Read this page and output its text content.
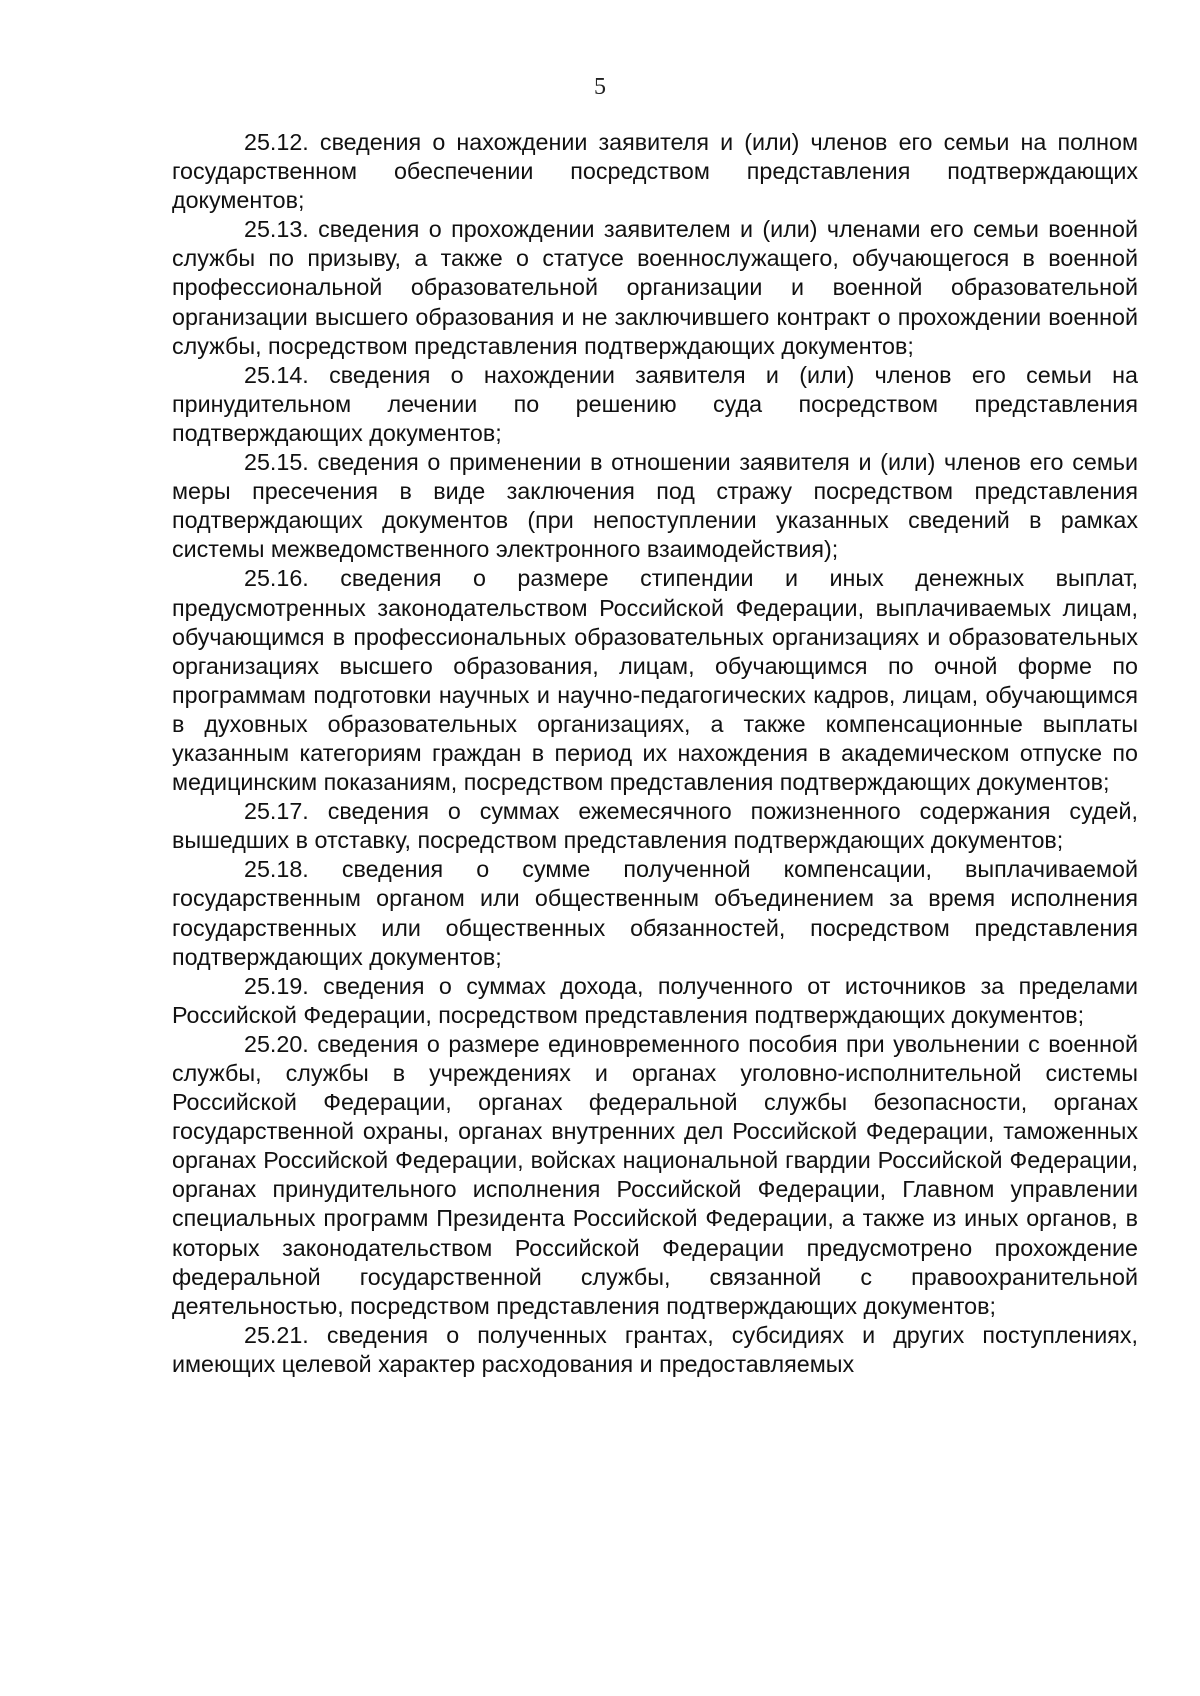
5

25.12. сведения о нахождении заявителя и (или) членов его семьи на полном государственном обеспечении посредством представления подтверждающих документов;

25.13. сведения о прохождении заявителем и (или) членами его семьи военной службы по призыву, а также о статусе военнослужащего, обучающегося в военной профессиональной образовательной организации и военной образовательной организации высшего образования и не заключившего контракт о прохождении военной службы, посредством представления подтверждающих документов;

25.14. сведения о нахождении заявителя и (или) членов его семьи на принудительном лечении по решению суда посредством представления подтверждающих документов;

25.15. сведения о применении в отношении заявителя и (или) членов его семьи меры пресечения в виде заключения под стражу посредством представления подтверждающих документов (при непоступлении указанных сведений в рамках системы межведомственного электронного взаимодействия);

25.16. сведения о размере стипендии и иных денежных выплат, предусмотренных законодательством Российской Федерации, выплачиваемых лицам, обучающимся в профессиональных образовательных организациях и образовательных организациях высшего образования, лицам, обучающимся по очной форме по программам подготовки научных и научно-педагогических кадров, лицам, обучающимся в духовных образовательных организациях, а также компенсационные выплаты указанным категориям граждан в период их нахождения в академическом отпуске по медицинским показаниям, посредством представления подтверждающих документов;

25.17. сведения о суммах ежемесячного пожизненного содержания судей, вышедших в отставку, посредством представления подтверждающих документов;

25.18. сведения о сумме полученной компенсации, выплачиваемой государственным органом или общественным объединением за время исполнения государственных или общественных обязанностей, посредством представления подтверждающих документов;

25.19. сведения о суммах дохода, полученного от источников за пределами Российской Федерации, посредством представления подтверждающих документов;

25.20. сведения о размере единовременного пособия при увольнении с военной службы, службы в учреждениях и органах уголовно-исполнительной системы Российской Федерации, органах федеральной службы безопасности, органах государственной охраны, органах внутренних дел Российской Федерации, таможенных органах Российской Федерации, войсках национальной гвардии Российской Федерации, органах принудительного исполнения Российской Федерации, Главном управлении специальных программ Президента Российской Федерации, а также из иных органов, в которых законодательством Российской Федерации предусмотрено прохождение федеральной государственной службы, связанной с правоохранительной деятельностью, посредством представления подтверждающих документов;

25.21. сведения о полученных грантах, субсидиях и других поступлениях, имеющих целевой характер расходования и предоставляемых
